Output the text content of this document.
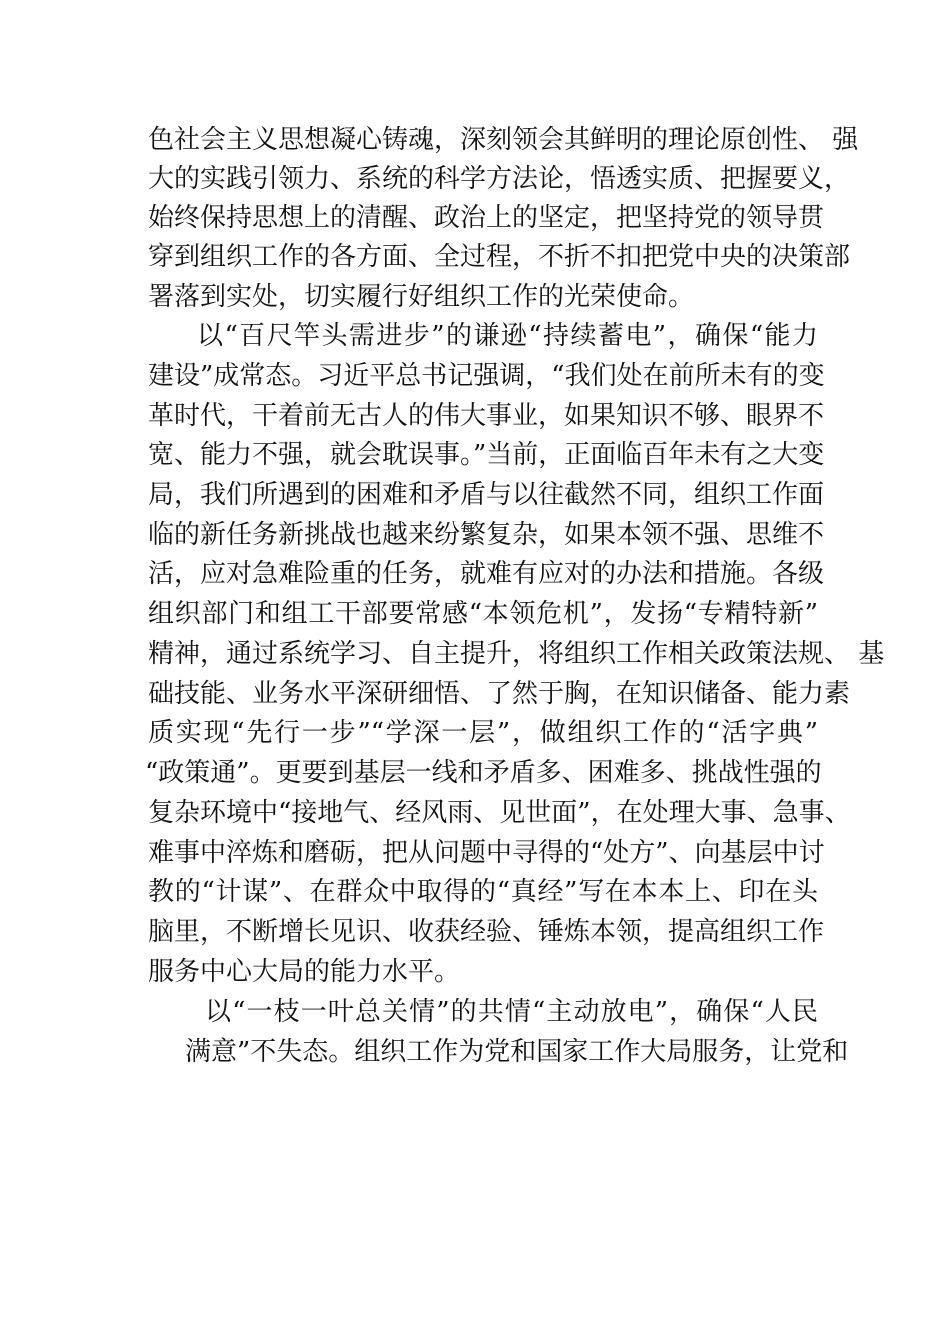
色社会主义思想凝心铸魂，深刻领会其鲜明的理论原创性、 强
大的实践引领力、系统的科学方法论，悟透实质、把握要义，
始终保持思想上的清醒、政治上的坚定，把坚持党的领导贯
穿到组织工作的各方面、全过程，不折不扣把党中央的决策部
署落到实处，切实履行好组织工作的光荣使命。
以“百尺竿头需进步”的谦逊“持续蓄电”，确保“能力
建设”成常态。习近平总书记强调，“我们处在前所未有的变
革时代，干着前无古人的伟大事业，如果知识不够、眼界不
宽、能力不强，就会耽误事。”当前，正面临百年未有之大变
局，我们所遇到的困难和矛盾与以往截然不同，组织工作面
临的新任务新挑战也越来纷繁复杂，如果本领不强、思维不
活，应对急难险重的任务，就难有应对的办法和措施。各级
组织部门和组工干部要常感“本领危机”，发扬“专精特新”
精神，通过系统学习、自主提升，将组织工作相关政策法规、 基
础技能、业务水平深研细悟、了然于胸，在知识储备、能力素
质实现“先行一步”“学深一层”，做组织工作的“活字典”
“政策通”。更要到基层一线和矛盾多、困难多、挑战性强的
复杂环境中“接地气、经风雨、见世面”，在处理大事、急事、
难事中淬炼和磨砺，把从问题中寻得的“处方”、向基层中讨
教的“计谋”、在群众中取得的“真经”写在本本上、印在头
脑里，不断增长见识、收获经验、锤炼本领，提高组织工作
服务中心大局的能力水平。
以“一枝一叶总关情”的共情“主动放电”，确保“人民
满意”不失态。组织工作为党和国家工作大局服务，让党和
